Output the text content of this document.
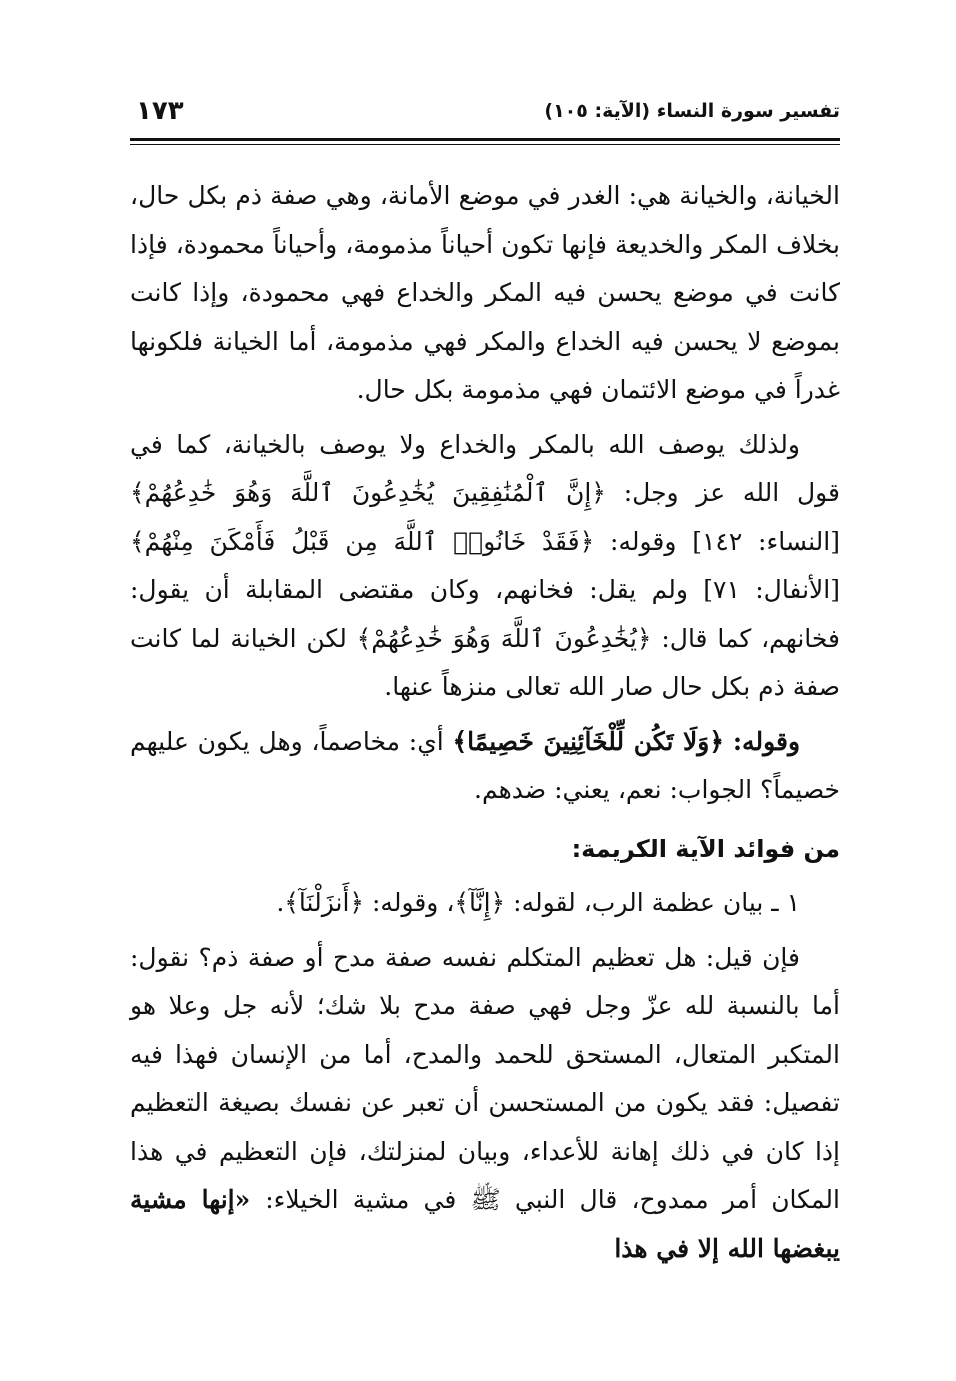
تفسير سورة النساء (الآية: ١٠٥)
١٧٣

الخيانة، والخيانة هي: الغدر في موضع الأمانة، وهي صفة ذم بكل حال، بخلاف المكر والخديعة فإنها تكون أحياناً مذمومة، وأحياناً محمودة، فإذا كانت في موضع يحسن فيه المكر والخداع فهي محمودة، وإذا كانت بموضع لا يحسن فيه الخداع والمكر فهي مذمومة، أما الخيانة فلكونها غدراً في موضع الائتمان فهي مذمومة بكل حال.

ولذلك يوصف الله بالمكر والخداع ولا يوصف بالخيانة، كما في قول الله عز وجل: ﴿إِنَّ ٱلْمُنَٰفِقِينَ يُخَٰدِعُونَ ٱللَّهَ وَهُوَ خَٰدِعُهُمْ﴾ [النساء: ١٤٢] وقوله: ﴿فَقَدْ خَانُوا۟ ٱللَّهَ مِن قَبْلُ فَأَمْكَنَ مِنْهُمْ﴾ [الأنفال: ٧١] ولم يقل: فخانهم، وكان مقتضى المقابلة أن يقول: فخانهم، كما قال: ﴿يُخَٰدِعُونَ ٱللَّهَ وَهُوَ خَٰدِعُهُمْ﴾ لكن الخيانة لما كانت صفة ذم بكل حال صار الله تعالى منزهاً عنها.

وقوله: ﴿وَلَا تَكُن لِّلْخَآئِنِينَ خَصِيمًا﴾ أي: مخاصماً، وهل يكون عليهم خصيماً؟ الجواب: نعم، يعني: ضدهم.

من فوائد الآية الكريمة:

١ ـ بيان عظمة الرب، لقوله: ﴿إِنَّآ﴾، وقوله: ﴿أَنزَلْنَآ﴾.

فإن قيل: هل تعظيم المتكلم نفسه صفة مدح أو صفة ذم؟ نقول: أما بالنسبة لله عزّ وجل فهي صفة مدح بلا شك؛ لأنه جل وعلا هو المتكبر المتعال، المستحق للحمد والمدح، أما من الإنسان فهذا فيه تفصيل: فقد يكون من المستحسن أن تعبر عن نفسك بصيغة التعظيم إذا كان في ذلك إهانة للأعداء، وبيان لمنزلتك، فإن التعظيم في هذا المكان أمر ممدوح، قال النبي ﷺ في مشية الخيلاء: «إنها مشية يبغضها الله إلا في هذا
